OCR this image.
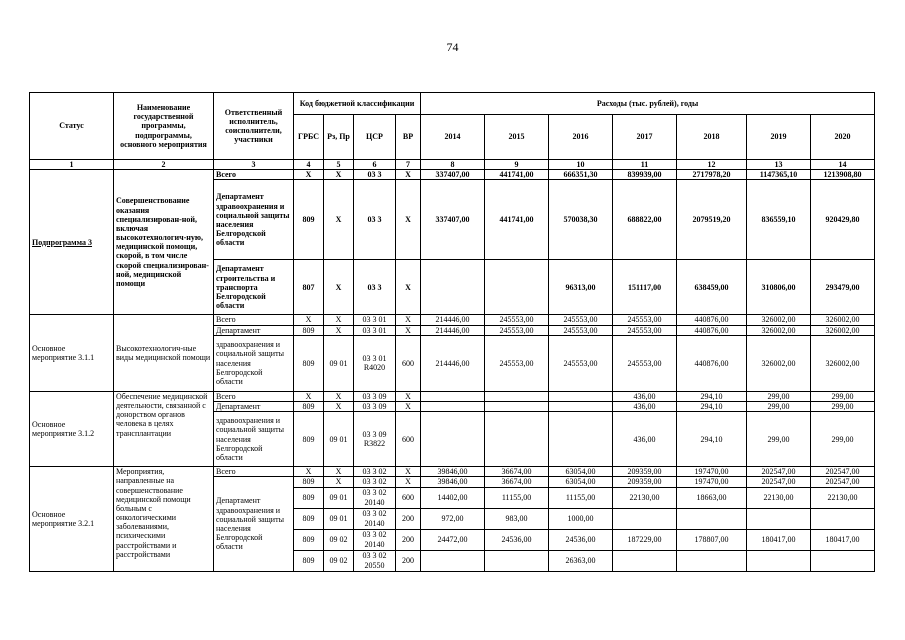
74
Статус	Наименование государственной программы, подпрограммы, основного мероприятия	Ответственный исполнитель, соисполнители, участники	Код бюджетной классификации				Расходы (тыс. рублей), годы						
			ГРБС	Рз, Пр	ЦСР	ВР	2014	2015	2016	2017	2018	2019	2020
1	2	3	4	5	6	7	8	9	10	11	12	13	14
Подпрограмма 3	Совершенствование оказания специализирован-ной, включая высокотехнологич-ную, медицинской помощи, скорой, в том числе скорой специализирован-ной, медицинской помощи	Всего	Х	Х	03 3	Х	337407,00	441741,00	666351,30	839939,00	2717978,20	1147365,10	1213908,80
		Департамент здравоохранения и социальной защиты населения Белгородской области	809	Х	03 3	Х	337407,00	441741,00	570038,30	688822,00	2079519,20	836559,10	920429,80
		Департамент строительства и транспорта Белгородской области	807	Х	03 3	Х			96313,00	151117,00	638459,00	310806,00	293479,00
Основное мероприятие 3.1.1	Высокотехнологич-ные виды медицинской помощи	Всего	Х	Х	03 3 01	Х	214446,00	245553,00	245553,00	245553,00	440876,00	326002,00	326002,00
		Департамент	809	Х	03 3 01	Х	214446,00	245553,00	245553,00	245553,00	440876,00	326002,00	326002,00
		здравоохранения и социальной защиты населения Белгородской области	809	09 01	03 3 01 R4020	600	214446,00	245553,00	245553,00	245553,00	440876,00	326002,00	326002,00
Основное мероприятие 3.1.2	Обеспечение медицинской деятельности, связанной с донорством органов человека в целях трансплантации	Всего	Х	Х	03 3 09	Х				436,00	294,10	299,00	299,00
		Департамент	809	Х	03 3 09	Х				436,00	294,10	299,00	299,00
		здравоохранения и социальной защиты населения Белгородской области	809	09 01	03 3 09 R3822	600				436,00	294,10	299,00	299,00
Основное мероприятие 3.2.1	Мероприятия, направленные на совершенствование медицинской помощи больным с онкологическими заболеваниями, психическими расстройствами и расстройствами	Всего	Х	Х	03 3 02	Х	39846,00	36674,00	63054,00	209359,00	197470,00	202547,00	202547,00
		Департамент здравоохранения и социальной защиты населения Белгородской области	809	Х	03 3 02	Х	39846,00	36674,00	63054,00	209359,00	197470,00	202547,00	202547,00
			809	09 01	03 3 02 20140	600	14402,00	11155,00	11155,00	22130,00	18663,00	22130,00	22130,00
			809	09 01	03 3 02 20140	200	972,00	983,00	1000,00				
			809	09 02	03 3 02 20140	200	24472,00	24536,00	24536,00	187229,00	178807,00	180417,00	180417,00
			809	09 02	03 3 02 20550	200			26363,00				
